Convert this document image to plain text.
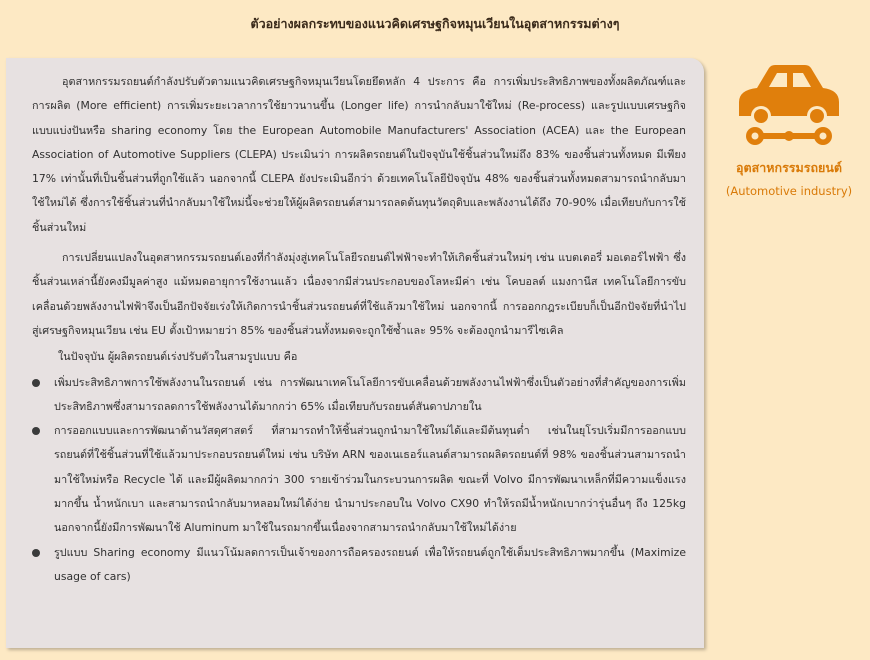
ตัวอย่างผลกระทบของแนวคิดเศรษฐกิจหมุนเวียนในอุตสาหกรรมต่างๆ

อุตสาหกรรมรถยนต์กำลังปรับตัวตามแนวคิดเศรษฐกิจหมุนเวียนโดยยึดหลัก 4 ประการ คือ การเพิ่มประสิทธิภาพของทั้งผลิตภัณฑ์และการผลิต (More efficient) การเพิ่มระยะเวลาการใช้ยาวนานขึ้น (Longer life) การนำกลับมาใช้ใหม่ (Re-process) และรูปแบบเศรษฐกิจแบบแบ่งปันหรือ sharing economy โดย the European Automobile Manufacturers' Association (ACEA) และ the European Association of Automotive Suppliers (CLEPA) ประเมินว่า การผลิตรถยนต์ในปัจจุบันใช้ชิ้นส่วนใหม่ถึง 83% ของชิ้นส่วนทั้งหมด มีเพียง 17% เท่านั้นที่เป็นชิ้นส่วนที่ถูกใช้แล้ว นอกจากนี้ CLEPA ยังประเมินอีกว่า ด้วยเทคโนโลยีปัจจุบัน 48% ของชิ้นส่วนทั้งหมดสามารถนำกลับมาใช้ใหม่ได้ ซึ่งการใช้ชิ้นส่วนที่นำกลับมาใช้ใหม่นี้จะช่วยให้ผู้ผลิตรถยนต์สามารถลดต้นทุนวัตถุดิบและพลังงานได้ถึง 70-90% เมื่อเทียบกับการใช้ชิ้นส่วนใหม่

การเปลี่ยนแปลงในอุตสาหกรรมรถยนต์เองที่กำลังมุ่งสู่เทคโนโลยีรถยนต์ไฟฟ้าจะทำให้เกิดชิ้นส่วนใหม่ๆ เช่น แบตเตอรี่ มอเตอร์ไฟฟ้า ซึ่งชิ้นส่วนเหล่านี้ยังคงมีมูลค่าสูง แม้หมดอายุการใช้งานแล้ว เนื่องจากมีส่วนประกอบของโลหะมีค่า เช่น โคบอลต์ แมงกานีส เทคโนโลยีการขับเคลื่อนด้วยพลังงานไฟฟ้าจึงเป็นอีกปัจจัยเร่งให้เกิดการนำชิ้นส่วนรถยนต์ที่ใช้แล้วมาใช้ใหม่ นอกจากนี้ การออกกฎระเบียบก็เป็นอีกปัจจัยที่นำไปสู่เศรษฐกิจหมุนเวียน เช่น EU ตั้งเป้าหมายว่า 85% ของชิ้นส่วนทั้งหมดจะถูกใช้ซ้ำและ 95% จะต้องถูกนำมารีไซเคิล

ในปัจจุบัน ผู้ผลิตรถยนต์เร่งปรับตัวในสามรูปแบบ คือ

เพิ่มประสิทธิภาพการใช้พลังงานในรถยนต์ เช่น การพัฒนาเทคโนโลยีการขับเคลื่อนด้วยพลังงานไฟฟ้าซึ่งเป็นตัวอย่างที่สำคัญของการเพิ่มประสิทธิภาพซึ่งสามารถลดการใช้พลังงานได้มากกว่า 65% เมื่อเทียบกับรถยนต์สันดาปภายใน
การออกแบบและการพัฒนาด้านวัสดุศาสตร์ ที่สามารถทำให้ชิ้นส่วนถูกนำมาใช้ใหม่ได้และมีต้นทุนต่ำ เช่นในยุโรปเริ่มมีการออกแบบรถยนต์ที่ใช้ชิ้นส่วนที่ใช้แล้วมาประกอบรถยนต์ใหม่ เช่น บริษัท ARN ของเนเธอร์แลนด์สามารถผลิตรถยนต์ที่ 98% ของชิ้นส่วนสามารถนำมาใช้ใหม่หรือ Recycle ได้ และมีผู้ผลิตมากกว่า 300 รายเข้าร่วมในกระบวนการผลิต ขณะที่ Volvo มีการพัฒนาเหล็กที่มีความแข็งแรงมากขึ้น น้ำหนักเบา และสามารถนำกลับมาหลอมใหม่ได้ง่าย นำมาประกอบใน Volvo CX90 ทำให้รถมีน้ำหนักเบากว่ารุ่นอื่นๆ ถึง 125kg นอกจากนี้ยังมีการพัฒนาใช้ Aluminum มาใช้ในรถมากขึ้นเนื่องจากสามารถนำกลับมาใช้ใหม่ได้ง่าย
รูปแบบ Sharing economy มีแนวโน้มลดการเป็นเจ้าของการถือครองรถยนต์ เพื่อให้รถยนต์ถูกใช้เต็มประสิทธิภาพมากขึ้น (Maximize usage of cars)
อุตสาหกรรมรถยนต์
(Automotive industry)
